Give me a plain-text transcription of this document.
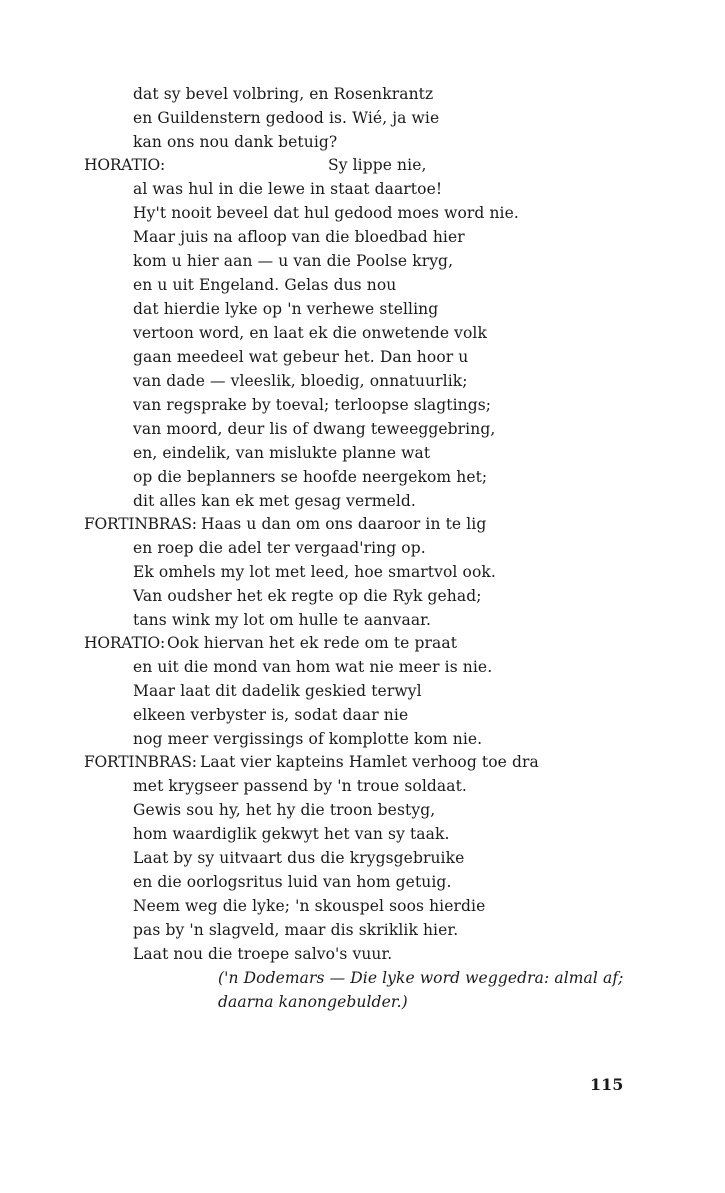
dat sy bevel volbring, en Rosenkrantz
en Guildenstern gedood is. Wié, ja wie
kan ons nou dank betuig?
HORATIO:	Sy lippe nie,
al was hul in die lewe in staat daartoe!
Hy't nooit beveel dat hul gedood moes word nie.
Maar juis na afloop van die bloedbad hier
kom u hier aan — u van die Poolse kryg,
en u uit Engeland. Gelas dus nou
dat hierdie lyke op 'n verhewe stelling
vertoon word, en laat ek die onwetende volk
gaan meedeel wat gebeur het. Dan hoor u
van dade — vleeslik, bloedig, onnatuurlik;
van regsprake by toeval; terloopse slagtings;
van moord, deur lis of dwang teweeggebring,
en, eindelik, van mislukte planne wat
op die beplanners se hoofde neergekom het;
dit alles kan ek met gesag vermeld.
FORTINBRAS: Haas u dan om ons daaroor in te lig
en roep die adel ter vergaad'ring op.
Ek omhels my lot met leed, hoe smartvol ook.
Van oudsher het ek regte op die Ryk gehad;
tans wink my lot om hulle te aanvaar.
HORATIO: Ook hiervan het ek rede om te praat
en uit die mond van hom wat nie meer is nie.
Maar laat dit dadelik geskied terwyl
elkeen verbyster is, sodat daar nie
nog meer vergissings of komplotte kom nie.
FORTINBRAS: Laat vier kapteins Hamlet verhoog toe dra
met krygseer passend by 'n troue soldaat.
Gewis sou hy, het hy die troon bestyg,
hom waardiglik gekwyt het van sy taak.
Laat by sy uitvaart dus die krygsgebruike
en die oorlogsritus luid van hom getuig.
Neem weg die lyke; 'n skouspel soos hierdie
pas by 'n slagveld, maar dis skriklik hier.
Laat nou die troepe salvo's vuur.
('n Dodemars — Die lyke word weggedra: almal af;
daarna kanongebulder.)
115
